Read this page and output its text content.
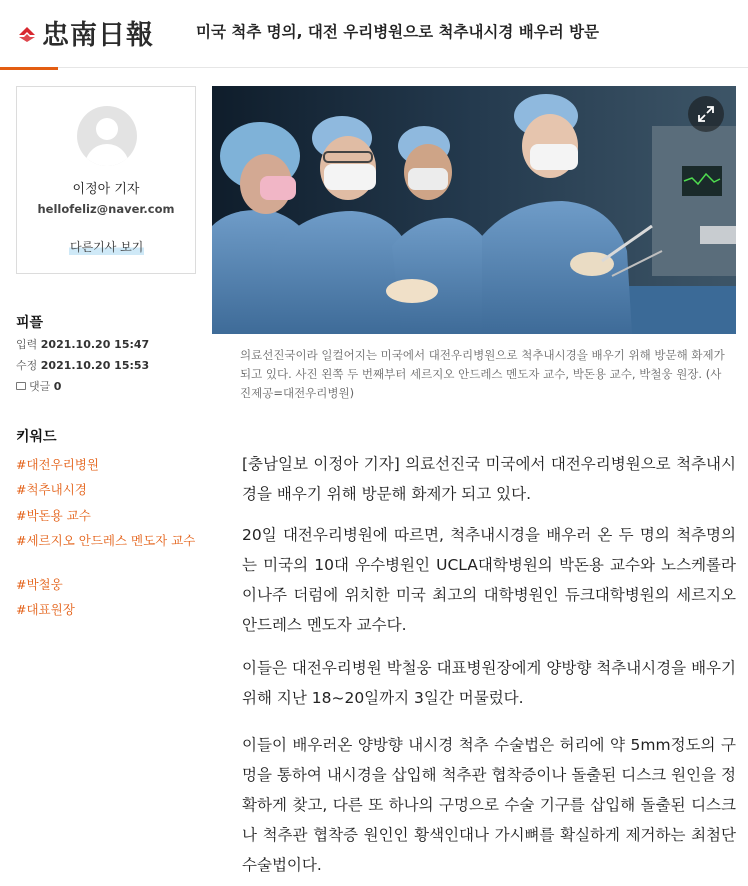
忠南日報	미국 척추 명의, 대전 우리병원으로 척추내시경 배우러 방문
이정아 기자
hellofeliz@naver.com
다른기사 보기
피플
입력 2021.10.20 15:47
수정 2021.10.20 15:53
댓글 0
키워드
#대전우리병원
#척추내시경
#박돈용 교수
#세르지오 안드레스 멘도자 교수
#박철웅
#대표원장
의료선진국이라 일컬어지는 미국에서 대전우리병원으로 척추내시경을 배우기 위해 방문해 화제가 되고 있다. 사진 왼쪽 두 번째부터 세르지오 안드레스 멘도자 교수, 박돈용 교수, 박철웅 원장. (사진제공=대전우리병원)
[충남일보 이정아 기자] 의료선진국 미국에서 대전우리병원으로 척추내시경을 배우기 위해 방문해 화제가 되고 있다.
20일 대전우리병원에 따르면, 척추내시경을 배우러 온 두 명의 척추명의는 미국의 10대 우수병원인 UCLA대학병원의 박돈용 교수와 노스케롤라이나주 더럼에 위치한 미국 최고의 대학병원인 듀크대학병원의 세르지오 안드레스 멘도자 교수다.
이들은 대전우리병원 박철웅 대표병원장에게 양방향 척추내시경을 배우기 위해 지난 18~20일까지 3일간 머물렀다.
이들이 배우러온 양방향 내시경 척추 수술법은 허리에 약 5mm정도의 구멍을 통하여 내시경을 삽입해 척추관 협착증이나 돌출된 디스크 원인을 정확하게 찾고, 다른 또 하나의 구멍으로 수술 기구를 삽입해 돌출된 디스크나 척추관 협착증 원인인 황색인대나 가시뼈를 확실하게 제거하는 최첨단 수술법이다.
